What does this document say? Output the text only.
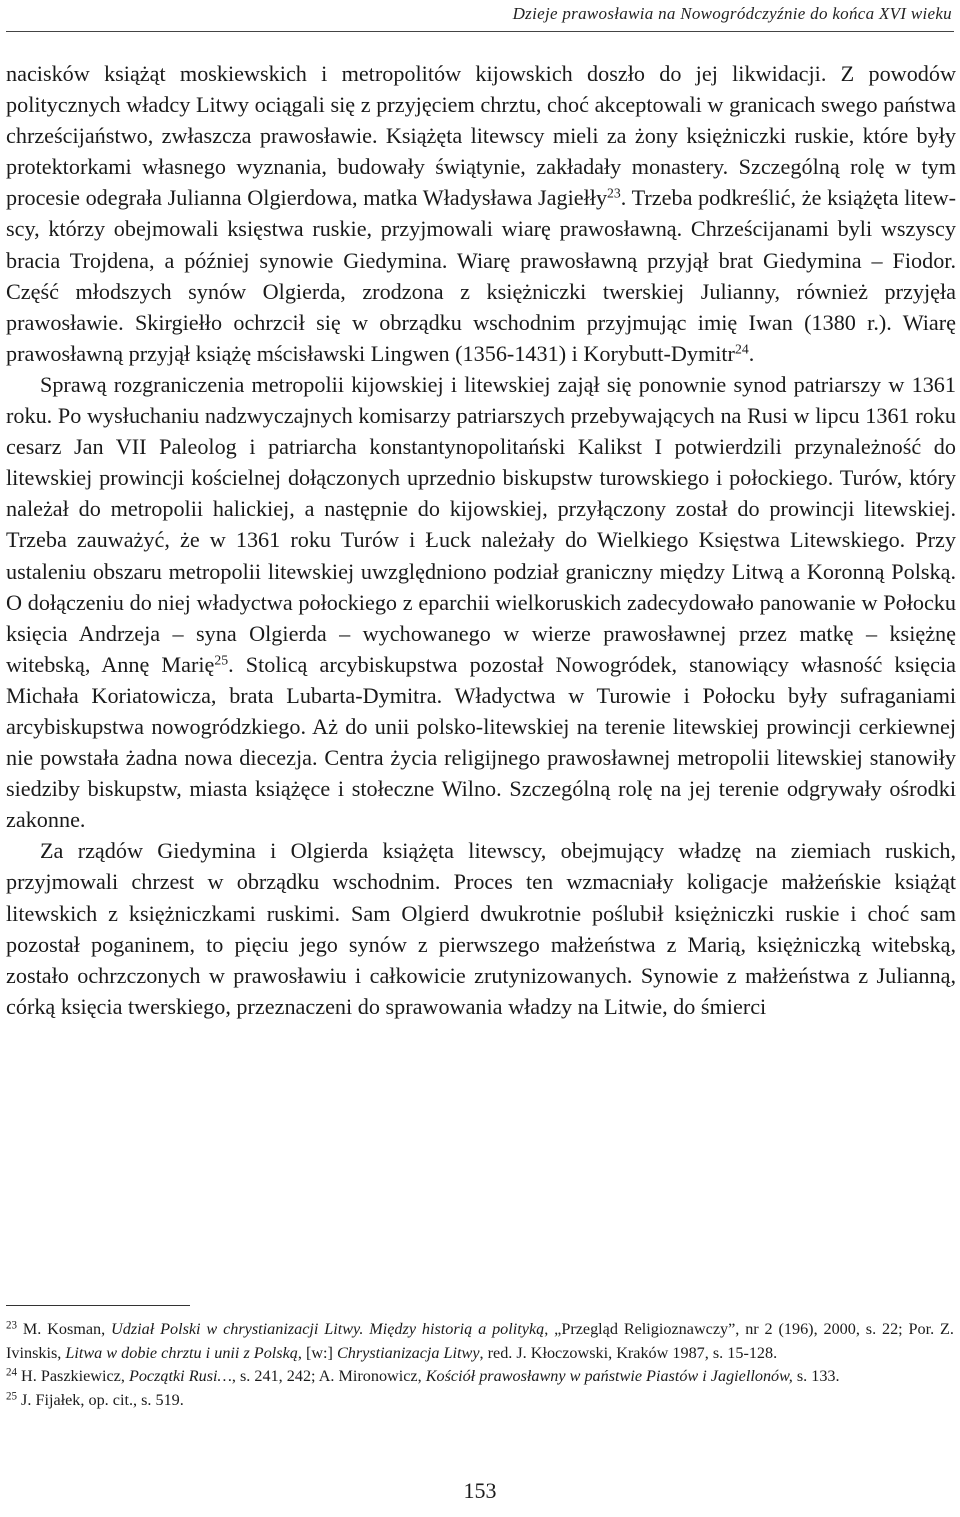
Dzieje prawosławia na Nowogródczyźnie do końca XVI wieku

nacisków książąt moskiewskich i metropolitów kijowskich doszło do jej likwidacji. Z powodów politycznych władcy Litwy ociągali się z przyjęciem chrztu, choć akceptowali w granicach swego państwa chrześcijaństwo, zwłaszcza prawosławie. Książęta litewscy mieli za żony księżniczki ruskie, które były protektorkami własnego wyznania, budowały świątynie, zakładały monastery. Szczególną rolę w tym procesie odegrała Julianna Olgierdowa, matka Władysława Jagiełły$^{23}$. Trzeba podkreślić, że książęta litewscy, którzy obejmowali księstwa ruskie, przyjmowali wiarę prawosławną. Chrześcijanami byli wszyscy bracia Trojdena, a później synowie Giedymina. Wiarę prawosławną przyjął brat Giedymina – Fiodor. Część młodszych synów Olgierda, zrodzona z księżniczki twerskiej Julianny, również przyjęła prawosławie. Skirgiełło ochrzcił się w obrządku wschodnim przyjmując imię Iwan (1380 r.). Wiarę prawosławną przyjął książę mścisławski Lingwen (1356-1431) i Korybutt-Dymitr$^{24}$.

Sprawą rozgraniczenia metropolii kijowskiej i litewskiej zajął się ponownie synod patriarszy w 1361 roku. Po wysłuchaniu nadzwyczajnych komisarzy patriarszych przebywających na Rusi w lipcu 1361 roku cesarz Jan VII Paleolog i patriarcha konstantynopolitański Kalikst I potwierdzili przynależność do litewskiej prowincji kościelnej dołączonych uprzednio biskupstw turowskiego i połockiego. Turów, który należał do metropolii halickiej, a następnie do kijowskiej, przyłączony został do prowincji litewskiej. Trzeba zauważyć, że w 1361 roku Turów i Łuck należały do Wielkiego Księstwa Litewskiego. Przy ustaleniu obszaru metropolii litewskiej uwzględniono podział graniczny między Litwą a Koronną Polską. O dołączeniu do niej władyctwa połockiego z eparchii wielkoruskich zadecydowało panowanie w Połocku księcia Andrzeja – syna Olgierda – wychowanego w wierze prawosławnej przez matkę – księżnę witebską, Annę Marię$^{25}$. Stolicą arcybiskupstwa pozostał Nowogródek, stanowiący własność księcia Michała Koriatowicza, brata Lubarta-Dymitra. Władyctwa w Turowie i Połocku były sufraganiami arcybiskupstwa nowogródzkiego. Aż do unii polsko-litewskiej na terenie litewskiej prowincji cerkiewnej nie powstała żadna nowa diecezja. Centra życia religijnego prawosławnej metropolii litewskiej stanowiły siedziby biskupstw, miasta książęce i stołeczne Wilno. Szczególną rolę na jej terenie odgrywały ośrodki zakonne.

Za rządów Giedymina i Olgierda książęta litewscy, obejmujący władzę na ziemiach ruskich, przyjmowali chrzest w obrządku wschodnim. Proces ten wzmacniały koligacje małżeńskie książąt litewskich z księżniczkami ruskimi. Sam Olgierd dwukrotnie poślubił księżniczki ruskie i choć sam pozostał poganinem, to pięciu jego synów z pierwszego małżeństwa z Marią, księżniczką witebską, zostało ochrzczonych w prawosławiu i całkowicie zrutynizowanych. Synowie z małżeństwa z Julianną, córką księcia twerskiego, przeznaczeni do sprawowania władzy na Litwie, do śmierci

$^{23}$ M. Kosman, Udział Polski w chrystianizacji Litwy. Między historią a polityką, „Przegląd Religioznawczy”, nr 2 (196), 2000, s. 22; Por. Z. Ivinskis, Litwa w dobie chrztu i unii z Polską, [w:] Chrystianizacja Litwy, red. J. Kłoczowski, Kraków 1987, s. 15-128.

$^{24}$ H. Paszkiewicz, Początki Rusi…, s. 241, 242; A. Mironowicz, Kościół prawosławny w państwie Piastów i Jagiellonów, s. 133.

$^{25}$ J. Fijałek, op. cit., s. 519.

153
